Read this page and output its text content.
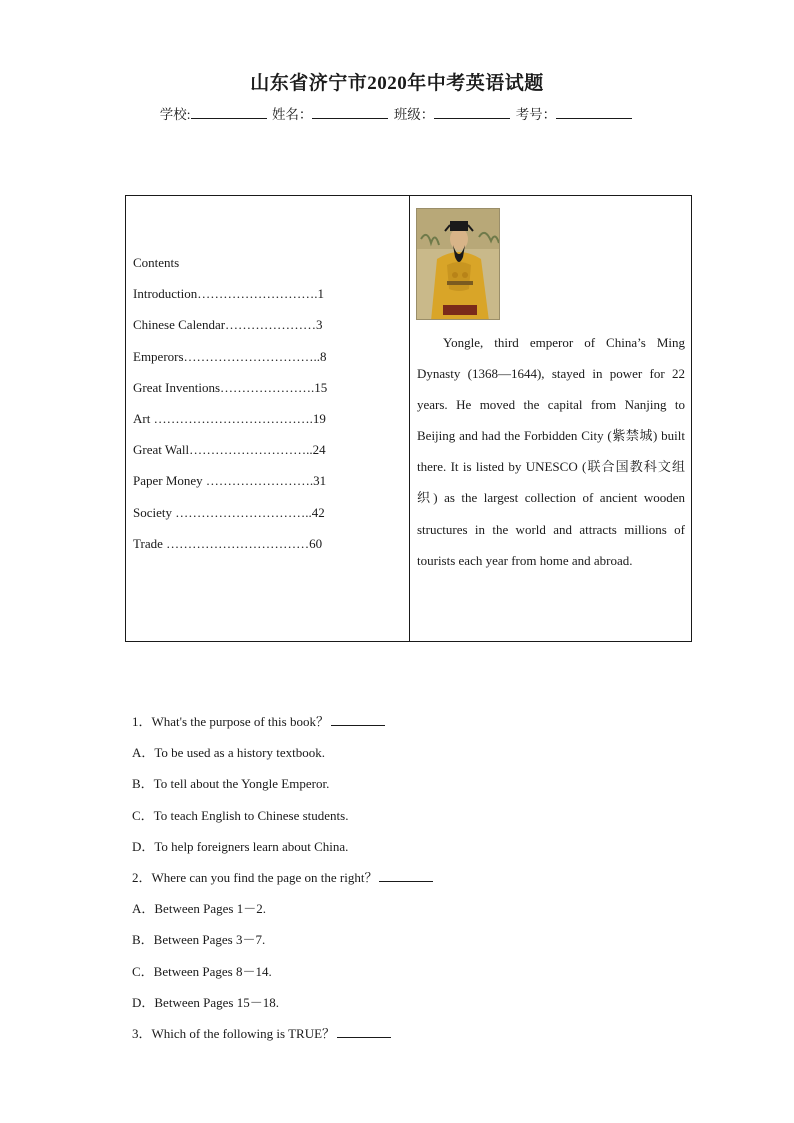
山东省济宁市2020年中考英语试题
学校:	姓名：	班级：	考号：
Contents
Introduction……………………….1
Chinese Calendar…………………3
Emperors…………………………..8
Great Inventions………………….15
Art ……………………………….19
Great Wall………………………..24
Paper Money …………………….31
Society …………………………..42
Trade ……………………………60
Yongle, third emperor of China’s Ming Dynasty (1368—1644), stayed in power for 22 years. He moved the capital from Nanjing to Beijing and had the Forbidden City (紫禁城) built there. It is listed by UNESCO (联合国教科文组织) as the largest collection of ancient wooden structures in the world and attracts millions of tourists each year from home and abroad.
1．What's the purpose of this book？
A．To be used as a history textbook.
B．To tell about the Yongle Emperor.
C．To teach English to Chinese students.
D．To help foreigners learn about China.
2．Where can you find the page on the right？
A．Between Pages 1－2.
B．Between Pages 3－7.
C．Between Pages 8－14.
D．Between Pages 15－18.
3．Which of the following is TRUE？
